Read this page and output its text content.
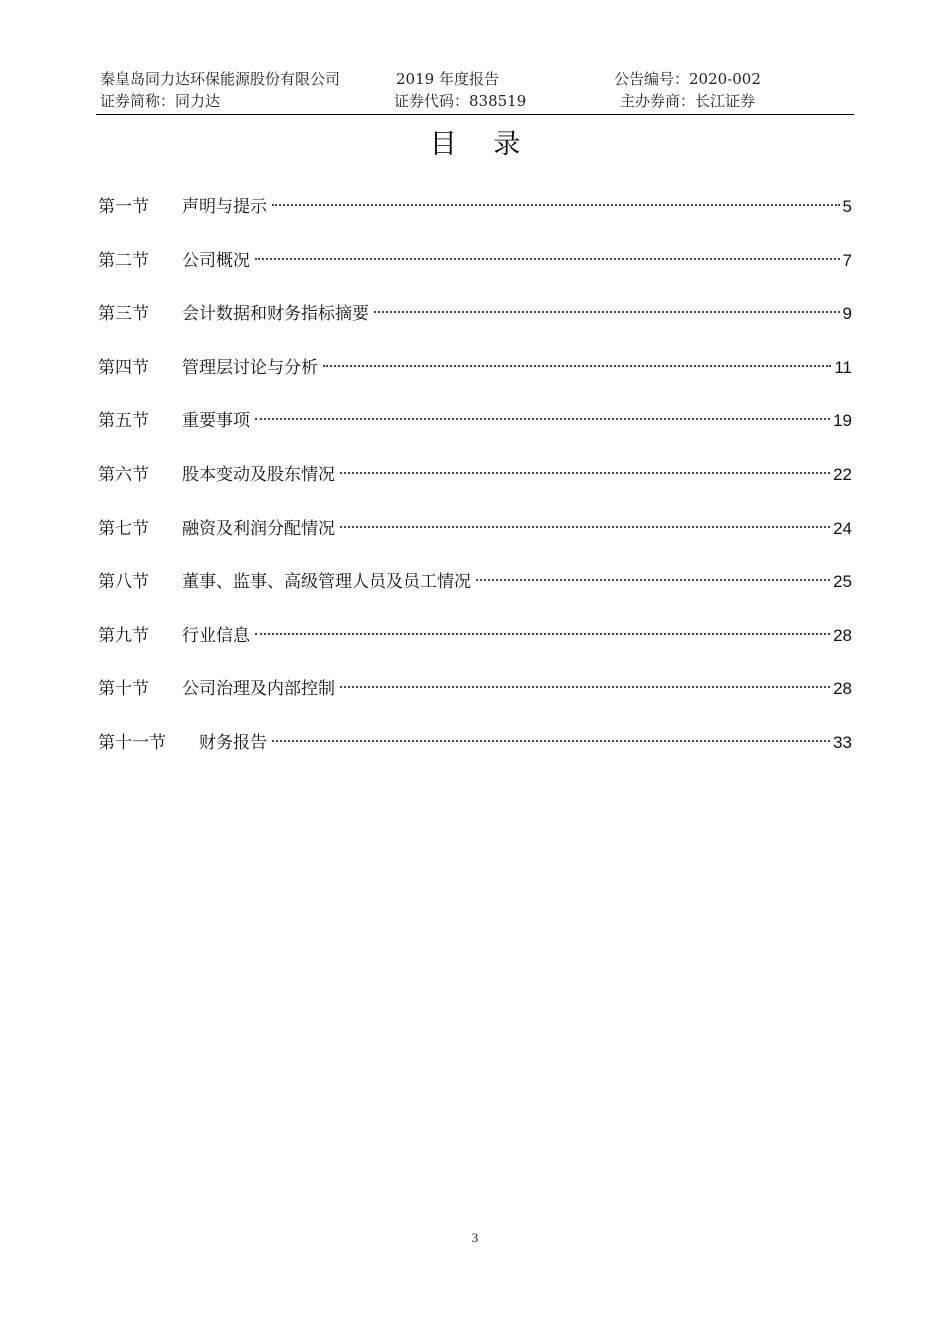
秦皇岛同力达环保能源股份有限公司	2019 年度报告	公告编号：2020-002
证券简称：同力达	证券代码：838519	主办券商：长江证券
目 录
第一节	声明与提示	5
第二节	公司概况	7
第三节	会计数据和财务指标摘要	9
第四节	管理层讨论与分析	11
第五节	重要事项	19
第六节	股本变动及股东情况	22
第七节	融资及利润分配情况	24
第八节	董事、监事、高级管理人员及员工情况	25
第九节	行业信息	28
第十节	公司治理及内部控制	28
第十一节	财务报告	33
3
